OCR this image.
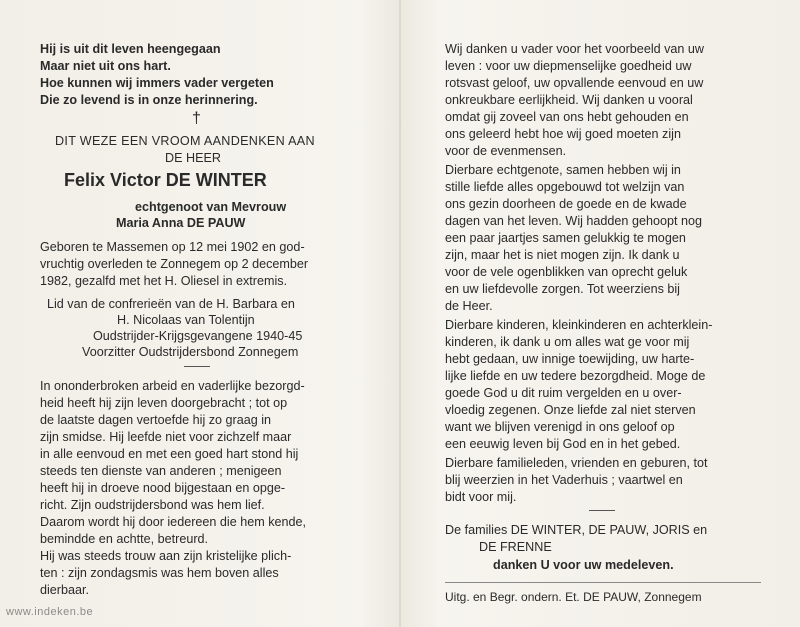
Hij is uit dit leven heengegaan
Maar niet uit ons hart.
Hoe kunnen wij immers vader vergeten
Die zo levend is in onze herinnering.
†
DIT WEZE EEN VROOM AANDENKEN AAN
DE HEER
Felix Victor DE WINTER
echtgenoot van Mevrouw
Maria Anna DE PAUW
Geboren te Massemen op 12 mei 1902 en god-
vruchtig overleden te Zonnegem op 2 december
1982, gezalfd met het H. Oliesel in extremis.
Lid van de confrerieën van de H. Barbara en
H. Nicolaas van Tolentijn
Oudstrijder-Krijgsgevangene 1940-45
Voorzitter Oudstrijdersbond Zonnegem
In ononderbroken arbeid en vaderlijke bezorgd-
heid heeft hij zijn leven doorgebracht ; tot op
de laatste dagen vertoefde hij zo graag in
zijn smidse. Hij leefde niet voor zichzelf maar
in alle eenvoud en met een goed hart stond hij
steeds ten dienste van anderen ; menigeen
heeft hij in droeve nood bijgestaan en opge-
richt. Zijn oudstrijdersbond was hem lief.
Daarom wordt hij door iedereen die hem kende,
bemindde en achtte, betreurd.
Hij was steeds trouw aan zijn kristelijke plich-
ten : zijn zondagsmis was hem boven alles
dierbaar.
www.indeken.be
Wij danken u vader voor het voorbeeld van uw
leven : voor uw diepmenselijke goedheid uw
rotsvast geloof, uw opvallende eenvoud en uw
onkreukbare eerlijkheid. Wij danken u vooral
omdat gij zoveel van ons hebt gehouden en
ons geleerd hebt hoe wij goed moeten zijn
voor de evenmensen.
Dierbare echtgenote, samen hebben wij in
stille liefde alles opgebouwd tot welzijn van
ons gezin doorheen de goede en de kwade
dagen van het leven. Wij hadden gehoopt nog
een paar jaartjes samen gelukkig te mogen
zijn, maar het is niet mogen zijn. Ik dank u
voor de vele ogenblikken van oprecht geluk
en uw liefdevolle zorgen. Tot weerziens bij
de Heer.
Dierbare kinderen, kleinkinderen en achterklein-
kinderen, ik dank u om alles wat ge voor mij
hebt gedaan, uw innige toewijding, uw harte-
lijke liefde en uw tedere bezorgdheid. Moge de
goede God u dit ruim vergelden en u over-
vloedig zegenen. Onze liefde zal niet sterven
want we blijven verenigd in ons geloof op
een eeuwig leven bij God en in het gebed.
Dierbare familieleden, vrienden en geburen, tot
blij weerzien in het Vaderhuis ; vaartwel en
bidt voor mij.
De families DE WINTER, DE PAUW, JORIS en
DE FRENNE
danken U voor uw medeleven.
Uitg. en Begr. ondern. Et. DE PAUW, Zonnegem
